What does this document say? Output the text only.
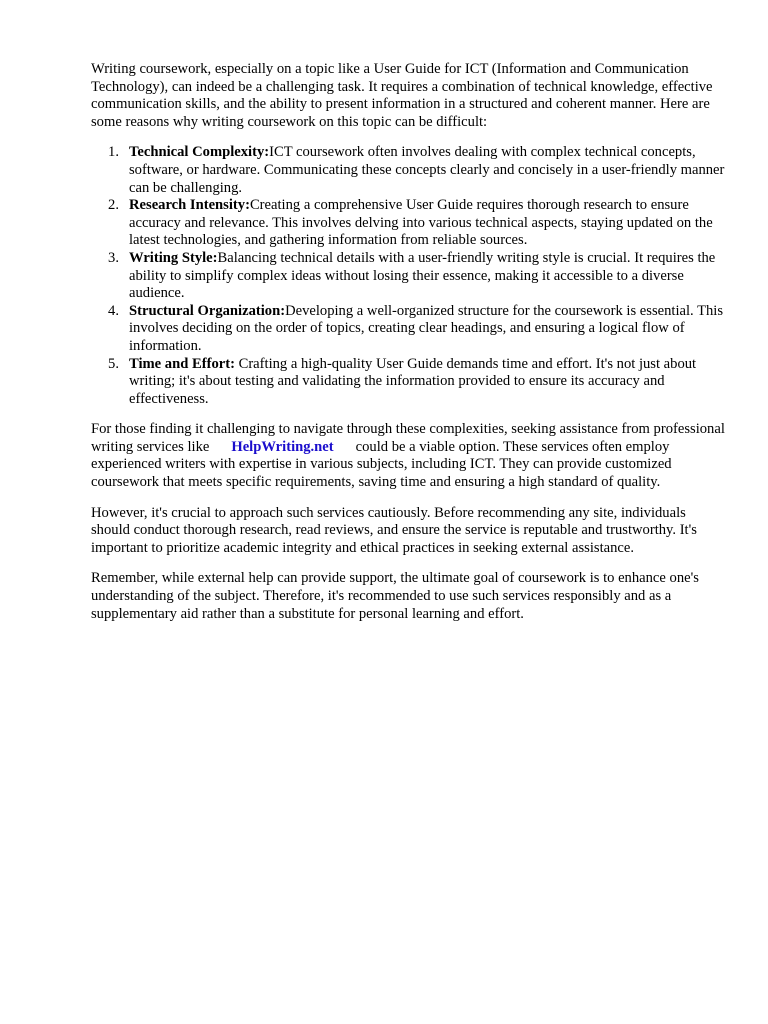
Writing coursework, especially on a topic like a User Guide for ICT (Information and Communication Technology), can indeed be a challenging task. It requires a combination of technical knowledge, effective communication skills, and the ability to present information in a structured and coherent manner. Here are some reasons why writing coursework on this topic can be difficult:

1. Technical Complexity:ICT coursework often involves dealing with complex technical concepts, software, or hardware. Communicating these concepts clearly and concisely in a user-friendly manner can be challenging.
2. Research Intensity:Creating a comprehensive User Guide requires thorough research to ensure accuracy and relevance. This involves delving into various technical aspects, staying updated on the latest technologies, and gathering information from reliable sources.
3. Writing Style:Balancing technical details with a user-friendly writing style is crucial. It requires the ability to simplify complex ideas without losing their essence, making it accessible to a diverse audience.
4. Structural Organization:Developing a well-organized structure for the coursework is essential. This involves deciding on the order of topics, creating clear headings, and ensuring a logical flow of information.
5. Time and Effort: Crafting a high-quality User Guide demands time and effort. It's not just about writing; it's about testing and validating the information provided to ensure its accuracy and effectiveness.

For those finding it challenging to navigate through these complexities, seeking assistance from professional writing services like HelpWriting.net could be a viable option. These services often employ experienced writers with expertise in various subjects, including ICT. They can provide customized coursework that meets specific requirements, saving time and ensuring a high standard of quality.

However, it's crucial to approach such services cautiously. Before recommending any site, individuals should conduct thorough research, read reviews, and ensure the service is reputable and trustworthy. It's important to prioritize academic integrity and ethical practices in seeking external assistance.

Remember, while external help can provide support, the ultimate goal of coursework is to enhance one's understanding of the subject. Therefore, it's recommended to use such services responsibly and as a supplementary aid rather than a substitute for personal learning and effort.
